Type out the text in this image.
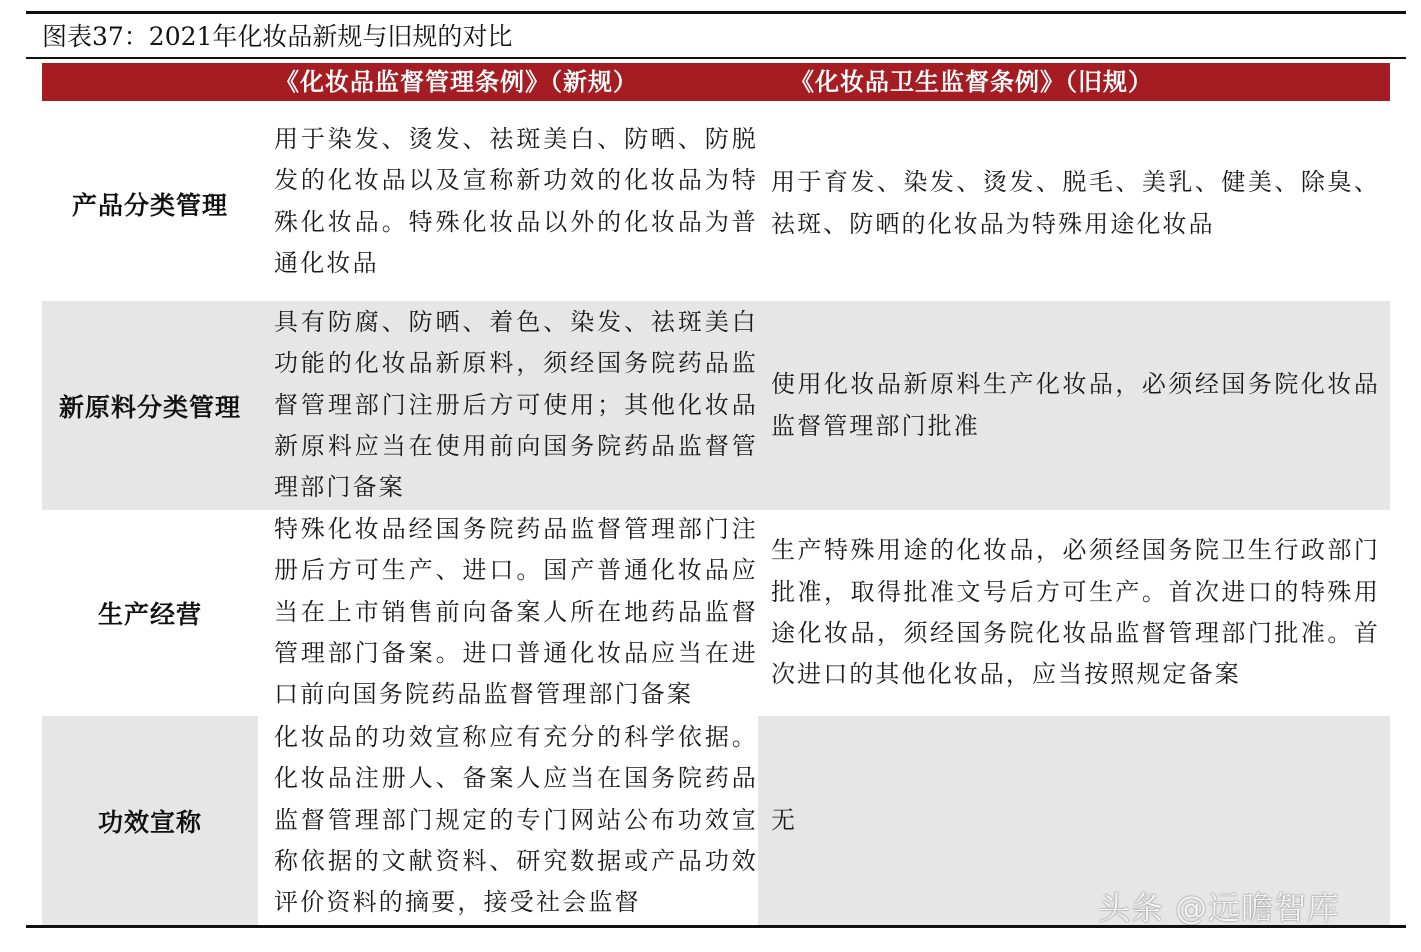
图表37：2021年化妆品新规与旧规的对比
《化妆品监督管理条例》（新规）	《化妆品卫生监督条例》（旧规）
产品分类管理
用于染发、烫发、祛斑美白、防晒、防脱发的化妆品以及宣称新功效的化妆品为特殊化妆品。特殊化妆品以外的化妆品为普通化妆品
用于育发、染发、烫发、脱毛、美乳、健美、除臭、祛斑、防晒的化妆品为特殊用途化妆品
新原料分类管理
具有防腐、防晒、着色、染发、祛斑美白功能的化妆品新原料，须经国务院药品监督管理部门注册后方可使用；其他化妆品新原料应当在使用前向国务院药品监督管理部门备案
使用化妆品新原料生产化妆品，必须经国务院化妆品监督管理部门批准
生产经营
特殊化妆品经国务院药品监督管理部门注册后方可生产、进口。国产普通化妆品应当在上市销售前向备案人所在地药品监督管理部门备案。进口普通化妆品应当在进口前向国务院药品监督管理部门备案
生产特殊用途的化妆品，必须经国务院卫生行政部门批准，取得批准文号后方可生产。首次进口的特殊用途化妆品，须经国务院化妆品监督管理部门批准。首次进口的其他化妆品，应当按照规定备案
功效宣称
化妆品的功效宣称应有充分的科学依据。化妆品注册人、备案人应当在国务院药品监督管理部门规定的专门网站公布功效宣称依据的文献资料、研究数据或产品功效评价资料的摘要，接受社会监督
无
头条 @远瞻智库
